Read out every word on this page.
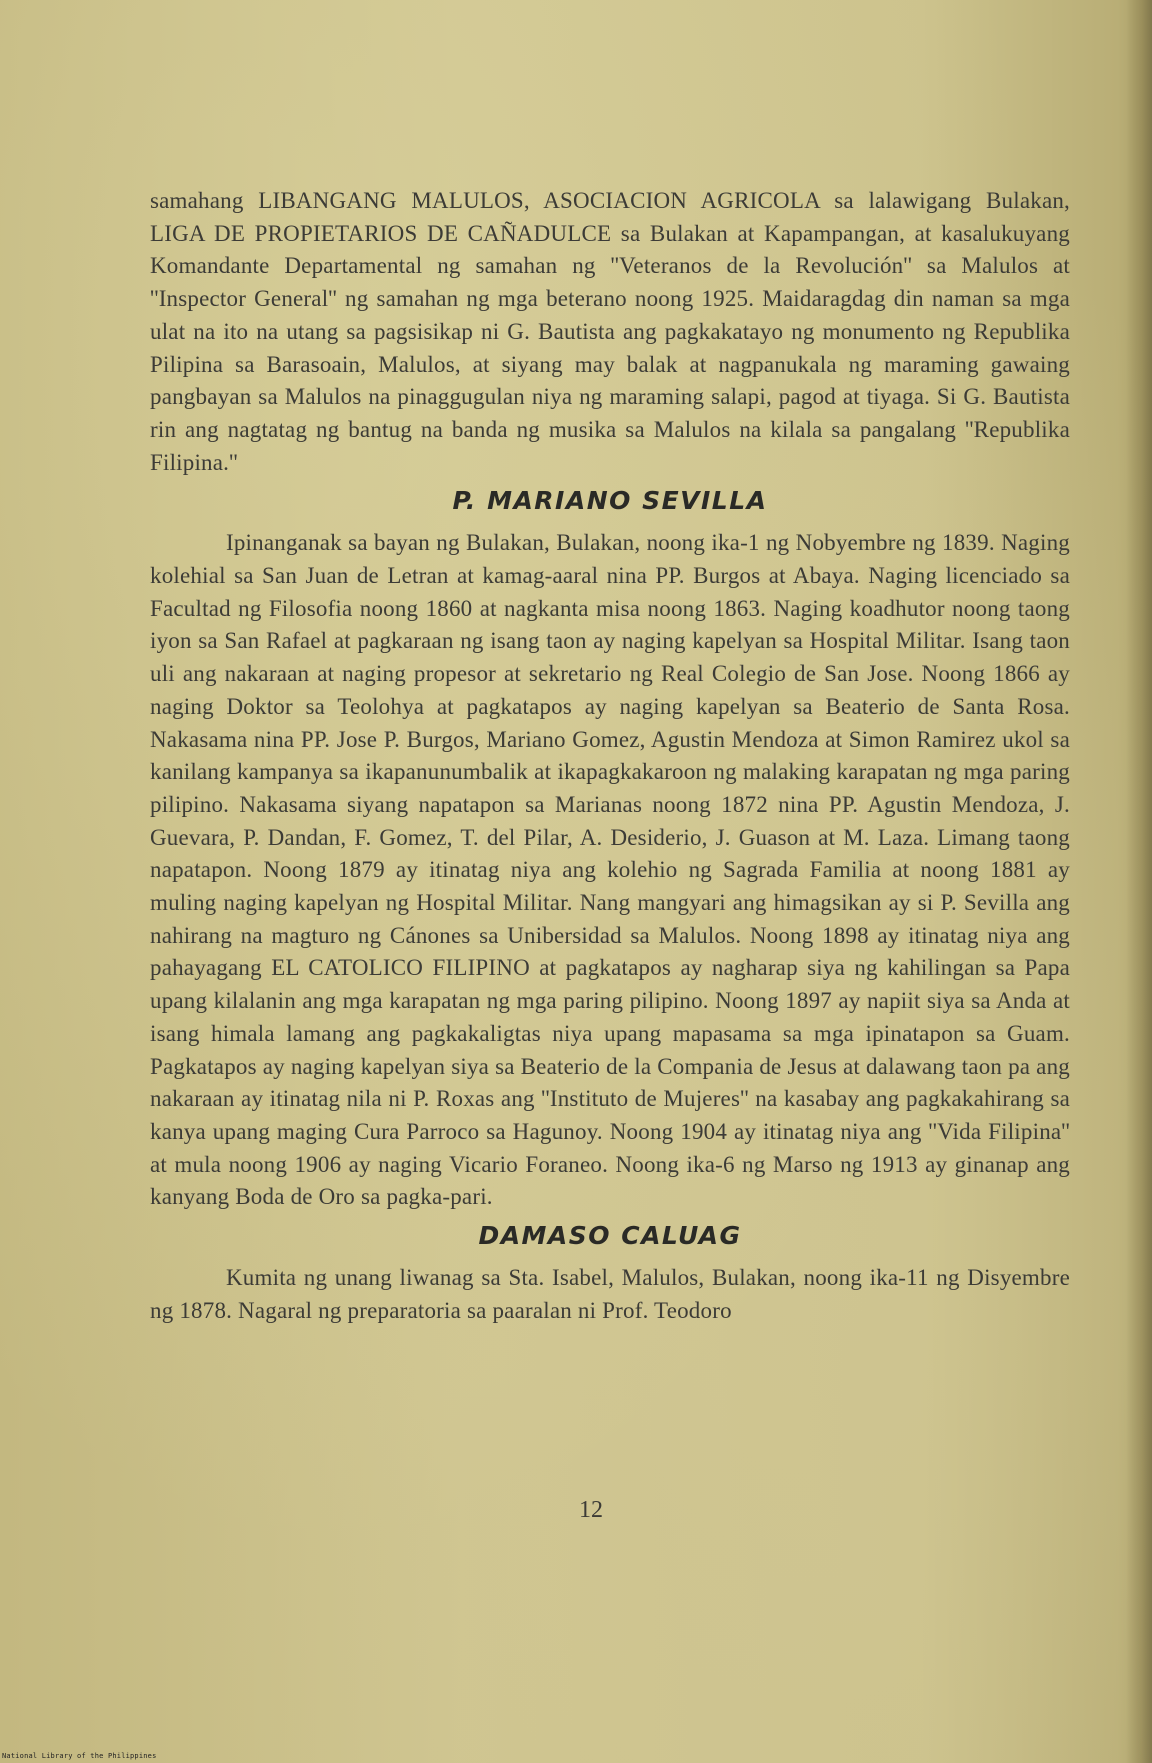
samahang LIBANGANG MALULOS, ASOCIACION AGRICOLA sa lalawigang Bulakan, LIGA DE PROPIETARIOS DE CAÑADULCE sa Bulakan at Kapampangan, at kasalukuyang Komandante Departamental ng samahan ng ''Veteranos de la Revolución'' sa Malulos at ''Inspector General'' ng samahan ng mga beterano noong 1925. Maidaragdag din naman sa mga ulat na ito na utang sa pagsisikap ni G. Bautista ang pagkakatayo ng monumento ng Republika Pilipina sa Barasoain, Malulos, at siyang may balak at nagpanukala ng maraming gawaing pangbayan sa Malulos na pinaggugulan niya ng maraming salapi, pagod at tiyaga. Si G. Bautista rin ang nagtatag ng bantug na banda ng musika sa Malulos na kilala sa pangalang ''Republika Filipina.''

P. MARIANO SEVILLA

Ipinanganak sa bayan ng Bulakan, Bulakan, noong ika-1 ng Nobyembre ng 1839. Naging kolehial sa San Juan de Letran at kamag-aaral nina PP. Burgos at Abaya. Naging licenciado sa Facultad ng Filosofia noong 1860 at nagkanta misa noong 1863. Naging koadhutor noong taong iyon sa San Rafael at pagkaraan ng isang taon ay naging kapelyan sa Hospital Militar. Isang taon uli ang nakaraan at naging propesor at sekretario ng Real Colegio de San Jose. Noong 1866 ay naging Doktor sa Teolohya at pagkatapos ay naging kapelyan sa Beaterio de Santa Rosa. Nakasama nina PP. Jose P. Burgos, Mariano Gomez, Agustin Mendoza at Simon Ramirez ukol sa kanilang kampanya sa ikapanunumbalik at ikapagkakaroon ng malaking karapatan ng mga paring pilipino. Nakasama siyang napatapon sa Marianas noong 1872 nina PP. Agustin Mendoza, J. Guevara, P. Dandan, F. Gomez, T. del Pilar, A. Desiderio, J. Guason at M. Laza. Limang taong napatapon. Noong 1879 ay itinatag niya ang kolehio ng Sagrada Familia at noong 1881 ay muling naging kapelyan ng Hospital Militar. Nang mangyari ang himagsikan ay si P. Sevilla ang nahirang na magturo ng Cánones sa Unibersidad sa Malulos. Noong 1898 ay itinatag niya ang pahayagang EL CATOLICO FILIPINO at pagkatapos ay nagharap siya ng kahilingan sa Papa upang kilalanin ang mga karapatan ng mga paring pilipino. Noong 1897 ay napiit siya sa Anda at isang himala lamang ang pagkakaligtas niya upang mapasama sa mga ipinatapon sa Guam. Pagkatapos ay naging kapelyan siya sa Beaterio de la Compania de Jesus at dalawang taon pa ang nakaraan ay itinatag nila ni P. Roxas ang ''Instituto de Mujeres'' na kasabay ang pagkakahirang sa kanya upang maging Cura Parroco sa Hagunoy. Noong 1904 ay itinatag niya ang ''Vida Filipina'' at mula noong 1906 ay naging Vicario Foraneo. Noong ika-6 ng Marso ng 1913 ay ginanap ang kanyang Boda de Oro sa pagka-pari.

DAMASO CALUAG

Kumita ng unang liwanag sa Sta. Isabel, Malulos, Bulakan, noong ika-11 ng Disyembre ng 1878. Nagaral ng preparatoria sa paaralan ni Prof. Teodoro

12
National Library of the Philippines
